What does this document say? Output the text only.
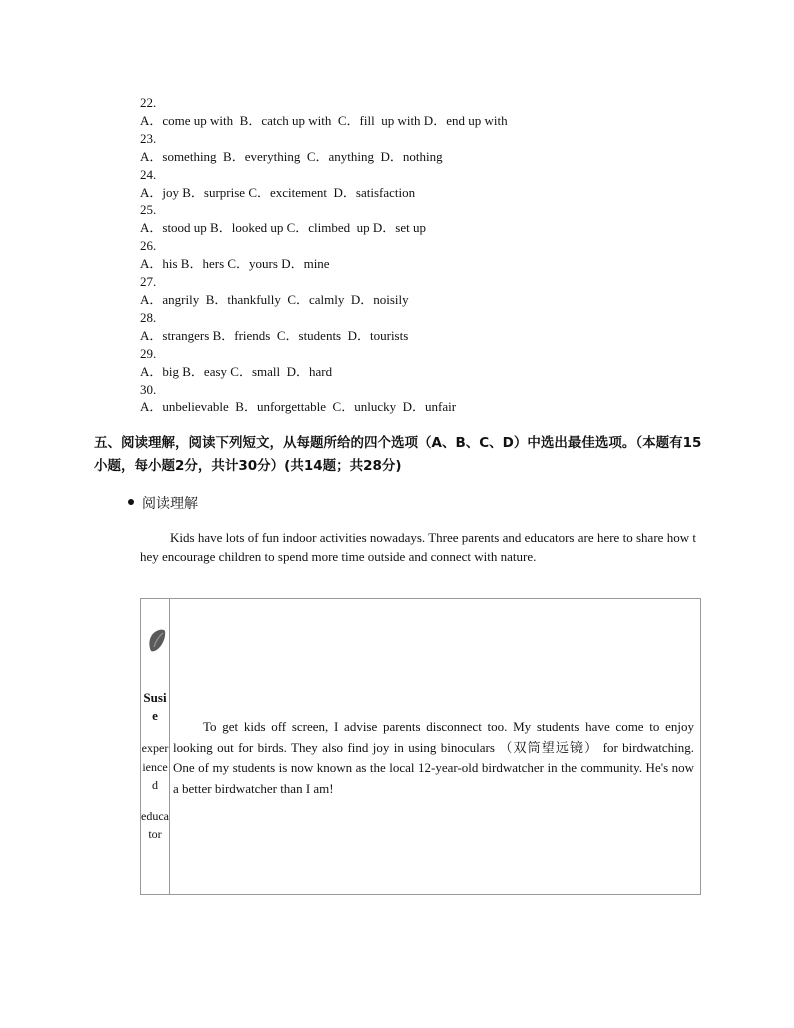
22.
A．come up with  B．catch up with  C．fill  up with D．end up with
23.
A．something  B．everything  C．anything  D．nothing
24.
A．joy B．surprise C．excitement  D．satisfaction
25.
A．stood up B．looked up C．climbed  up D．set up
26.
A．his B．hers C．yours D．mine
27.
A．angrily  B．thankfully  C．calmly  D．noisily
28.
A．strangers B．friends  C．students  D．tourists
29.
A．big B．easy C．small  D．hard
30.
A．unbelievable  B．unforgettable  C．unlucky  D．unfair
五、阅读理解，阅读下列短文，从每题所给的四个选项（A、B、C、D）中选出最佳选项。（本题有15小题，每小题2分，共计30分）(共14题；共28分)
阅读理解
Kids have lots of fun indoor activities nowadays. Three parents and educators are here to share how they encourage children to spend more time outside and connect with nature.
Susie
experienced
educator
To get kids off screen, I advise parents disconnect too. My students have come to enjoy looking out for birds. They also find joy in using binoculars （双筒望远镜） for birdwatching. One of my students is now known as the local 12-year-old birdwatcher in the community. He's now a better birdwatcher than I am!
